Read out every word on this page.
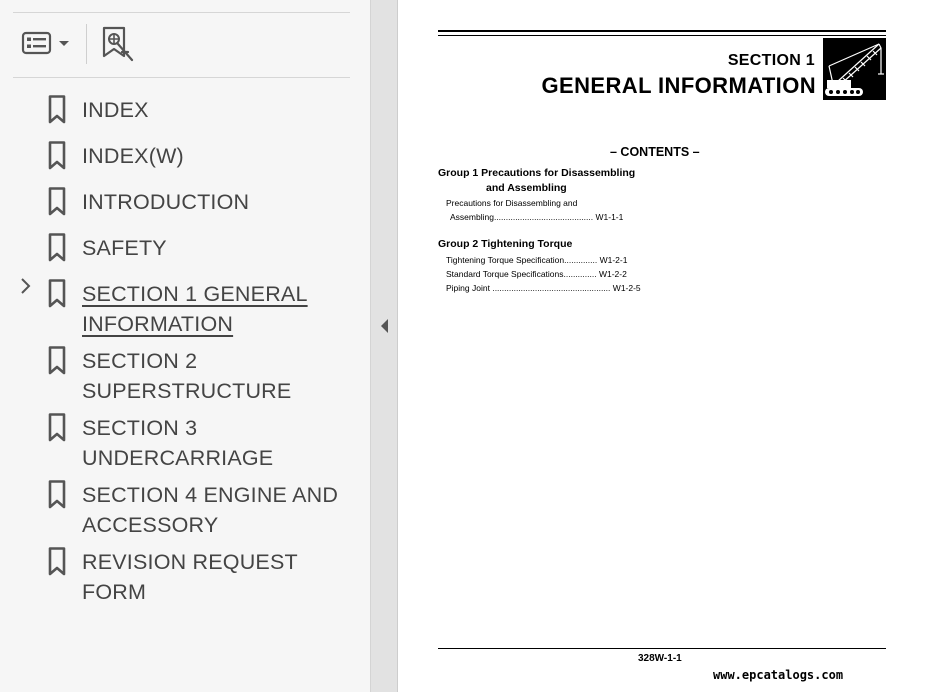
INDEX
INDEX(W)
INTRODUCTION
SAFETY
SECTION 1 GENERAL INFORMATION
SECTION 2 SUPERSTRUCTURE
SECTION 3 UNDERCARRIAGE
SECTION 4 ENGINE AND ACCESSORY
REVISION REQUEST FORM
SECTION 1
GENERAL INFORMATION
– CONTENTS –
Group 1 Precautions for Disassembling
and Assembling
Precautions for Disassembling and
Assembling.......................................... W1-1-1
Group 2 Tightening Torque
Tightening Torque Specification.............. W1-2-1
Standard Torque Specifications.............. W1-2-2
Piping Joint .................................................. W1-2-5
328W-1-1
www.epcatalogs.com
